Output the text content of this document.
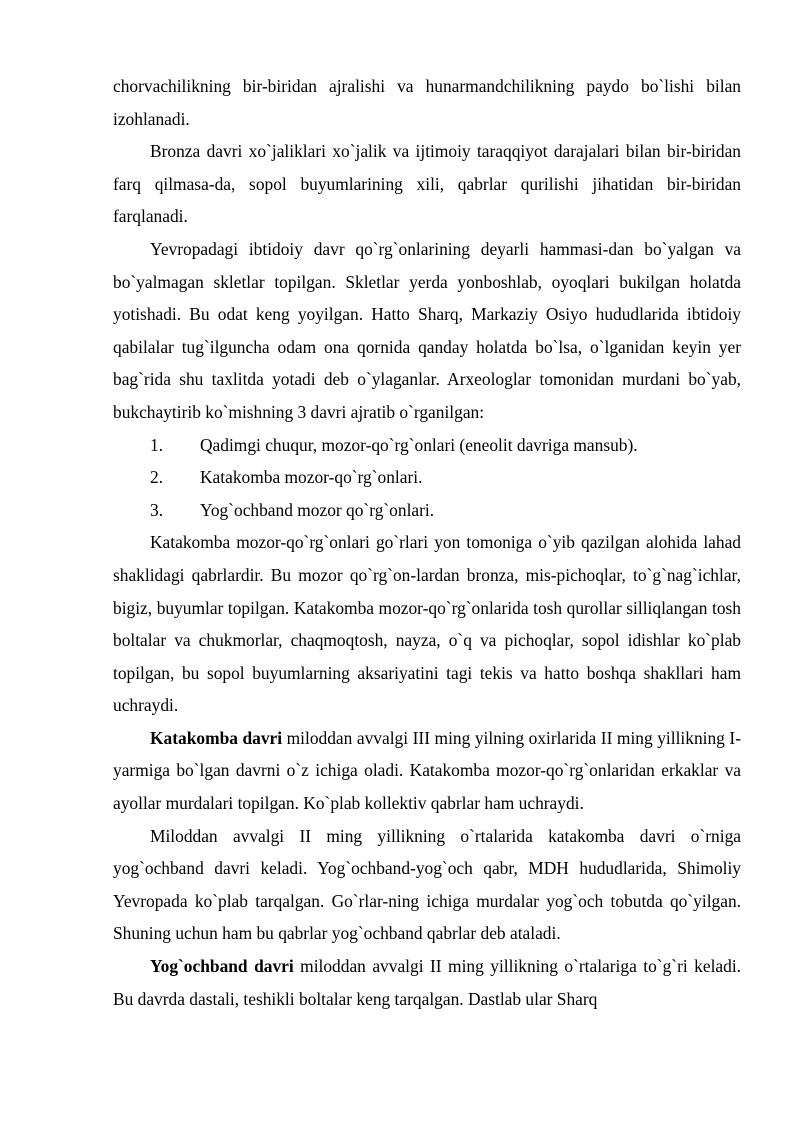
chorvachilikning bir-biridan ajralishi va hunarmandchilikning paydo bo`lishi bilan izohlanadi.

Bronza davri xo`jaliklari xo`jalik va ijtimoiy taraqqiyot darajalari bilan bir-biridan farq qilmasa-da, sopol buyumlarining xili, qabrlar qurilishi jihatidan bir-biridan farqlanadi.

Yevropadagi ibtidoiy davr qo`rg`onlarining deyarli hammasi-dan bo`yalgan va bo`yalmagan skletlar topilgan. Skletlar yerda yonboshlab, oyoqlari bukilgan holatda yotishadi. Bu odat keng yoyilgan. Hatto Sharq, Markaziy Osiyo hududlarida ibtidoiy qabilalar tug`ilguncha odam ona qornida qanday holatda bo`lsa, o`lganidan keyin yer bag`rida shu taxlitda yotadi deb o`ylaganlar. Arxeologlar tomonidan murdani bo`yab, bukchaytirib ko`mishning 3 davri ajratib o`rganilgan:

1.	Qadimgi chuqur, mozor-qo`rg`onlari (eneolit davriga mansub).
2.	Katakomba mozor-qo`rg`onlari.
3.	Yog`ochband mozor qo`rg`onlari.

Katakomba mozor-qo`rg`onlari go`rlari yon tomoniga o`yib qazilgan alohida lahad shaklidagi qabrlardir. Bu mozor qo`rg`on-lardan bronza, mis-pichoqlar, to`g`nag`ichlar, bigiz, buyumlar topilgan. Katakomba mozor-qo`rg`onlarida tosh qurollar silliqlangan tosh boltalar va chukmorlar, chaqmoqtosh, nayza, o`q va pichoqlar, sopol idishlar ko`plab topilgan, bu sopol buyumlarning aksariyatini tagi tekis va hatto boshqa shakllari ham uchraydi.

Katakomba davri miloddan avvalgi III ming yilning oxirlarida II ming yillikning I-yarmiga bo`lgan davrni o`z ichiga oladi. Katakomba mozor-qo`rg`onlaridan erkaklar va ayollar murdalari topilgan. Ko`plab kollektiv qabrlar ham uchraydi.

Miloddan avvalgi II ming yillikning o`rtalarida katakomba davri o`rniga yog`ochband davri keladi. Yog`ochband-yog`och qabr, MDH hududlarida, Shimoliy Yevropada ko`plab tarqalgan. Go`rlar-ning ichiga murdalar yog`och tobutda qo`yilgan. Shuning uchun ham bu qabrlar yog`ochband qabrlar deb ataladi.

Yog`ochband davri miloddan avvalgi II ming yillikning o`rtalariga to`g`ri keladi. Bu davrda dastali, teshikli boltalar keng tarqalgan. Dastlab ular Sharq
